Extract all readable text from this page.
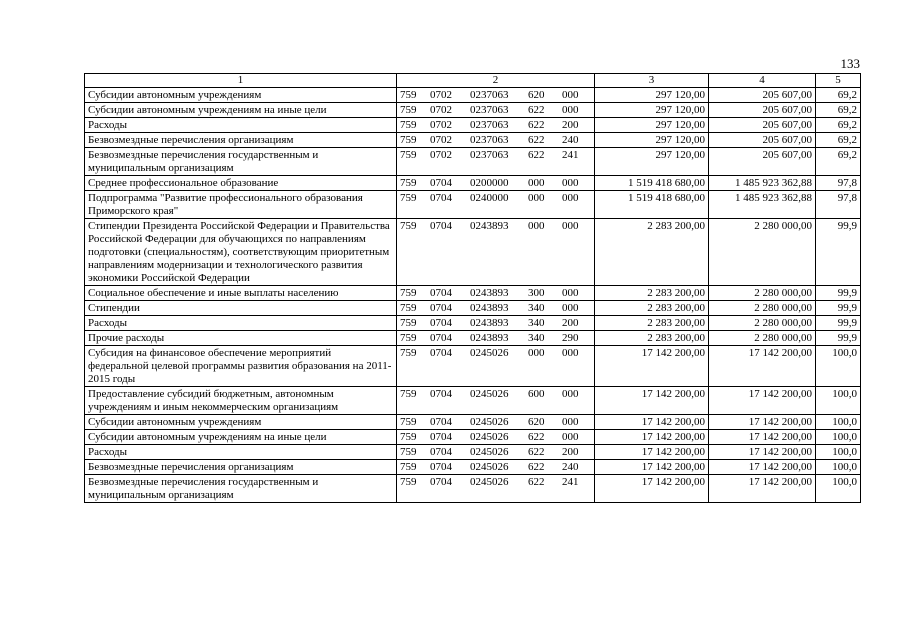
133
1	2	3	4	5
Субсидии автономным учреждениям	759 0702 0237063 620 000	297 120,00	205 607,00	69,2
Субсидии автономным учреждениям на иные цели	759 0702 0237063 622 000	297 120,00	205 607,00	69,2
Расходы	759 0702 0237063 622 200	297 120,00	205 607,00	69,2
Безвозмездные перечисления организациям	759 0702 0237063 622 240	297 120,00	205 607,00	69,2
Безвозмездные перечисления государственным и муниципальным организациям	759 0702 0237063 622 241	297 120,00	205 607,00	69,2
Среднее профессиональное образование	759 0704 0200000 000 000	1 519 418 680,00	1 485 923 362,88	97,8
Подпрограмма "Развитие профессионального образования Приморского края"	759 0704 0240000 000 000	1 519 418 680,00	1 485 923 362,88	97,8
Стипендии Президента Российской Федерации и Правительства Российской Федерации для обучающихся по направлениям подготовки (специальностям), соответствующим приоритетным направлениям модернизации и технологического развития экономики Российской Федерации	759 0704 0243893 000 000	2 283 200,00	2 280 000,00	99,9
Социальное обеспечение и иные выплаты населению	759 0704 0243893 300 000	2 283 200,00	2 280 000,00	99,9
Стипендии	759 0704 0243893 340 000	2 283 200,00	2 280 000,00	99,9
Расходы	759 0704 0243893 340 200	2 283 200,00	2 280 000,00	99,9
Прочие расходы	759 0704 0243893 340 290	2 283 200,00	2 280 000,00	99,9
Субсидия на финансовое обеспечение мероприятий федеральной целевой программы развития образования на 2011-2015 годы	759 0704 0245026 000 000	17 142 200,00	17 142 200,00	100,0
Предоставление субсидий бюджетным, автономным учреждениям и иным некоммерческим организациям	759 0704 0245026 600 000	17 142 200,00	17 142 200,00	100,0
Субсидии автономным учреждениям	759 0704 0245026 620 000	17 142 200,00	17 142 200,00	100,0
Субсидии автономным учреждениям на иные цели	759 0704 0245026 622 000	17 142 200,00	17 142 200,00	100,0
Расходы	759 0704 0245026 622 200	17 142 200,00	17 142 200,00	100,0
Безвозмездные перечисления организациям	759 0704 0245026 622 240	17 142 200,00	17 142 200,00	100,0
Безвозмездные перечисления государственным и муниципальным организациям	759 0704 0245026 622 241	17 142 200,00	17 142 200,00	100,0
